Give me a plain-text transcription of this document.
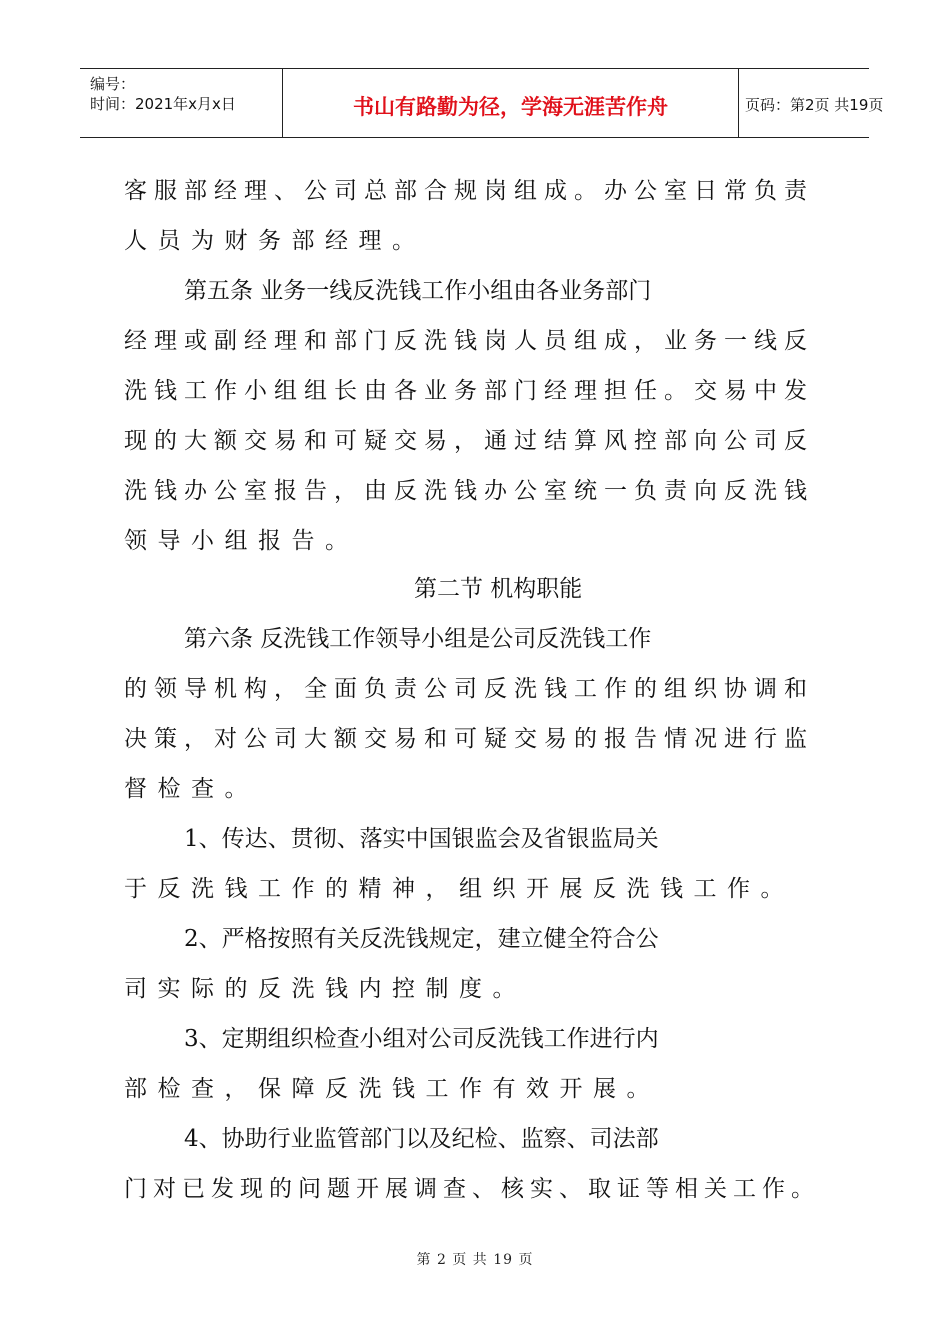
编号：
时间：2021年x月x日	书山有路勤为径，学海无涯苦作舟	页码：第2页 共19页
客服部经理、公司总部合规岗组成。办公室日常负责
人员为财务部经理。
第五条 业务一线反洗钱工作小组由各业务部门
经理或副经理和部门反洗钱岗人员组成，业务一线反
洗钱工作小组组长由各业务部门经理担任。交易中发
现的大额交易和可疑交易，通过结算风控部向公司反
洗钱办公室报告，由反洗钱办公室统一负责向反洗钱
领导小组报告。
第二节 机构职能
第六条 反洗钱工作领导小组是公司反洗钱工作
的领导机构，全面负责公司反洗钱工作的组织协调和
决策，对公司大额交易和可疑交易的报告情况进行监
督检查。
1、传达、贯彻、落实中国银监会及省银监局关
于反洗钱工作的精神，组织开展反洗钱工作。
2、严格按照有关反洗钱规定，建立健全符合公
司实际的反洗钱内控制度。
3、定期组织检查小组对公司反洗钱工作进行内
部检查，保障反洗钱工作有效开展。
4、协助行业监管部门以及纪检、监察、司法部
门对已发现的问题开展调查、核实、取证等相关工作。
第 2 页 共 19 页
